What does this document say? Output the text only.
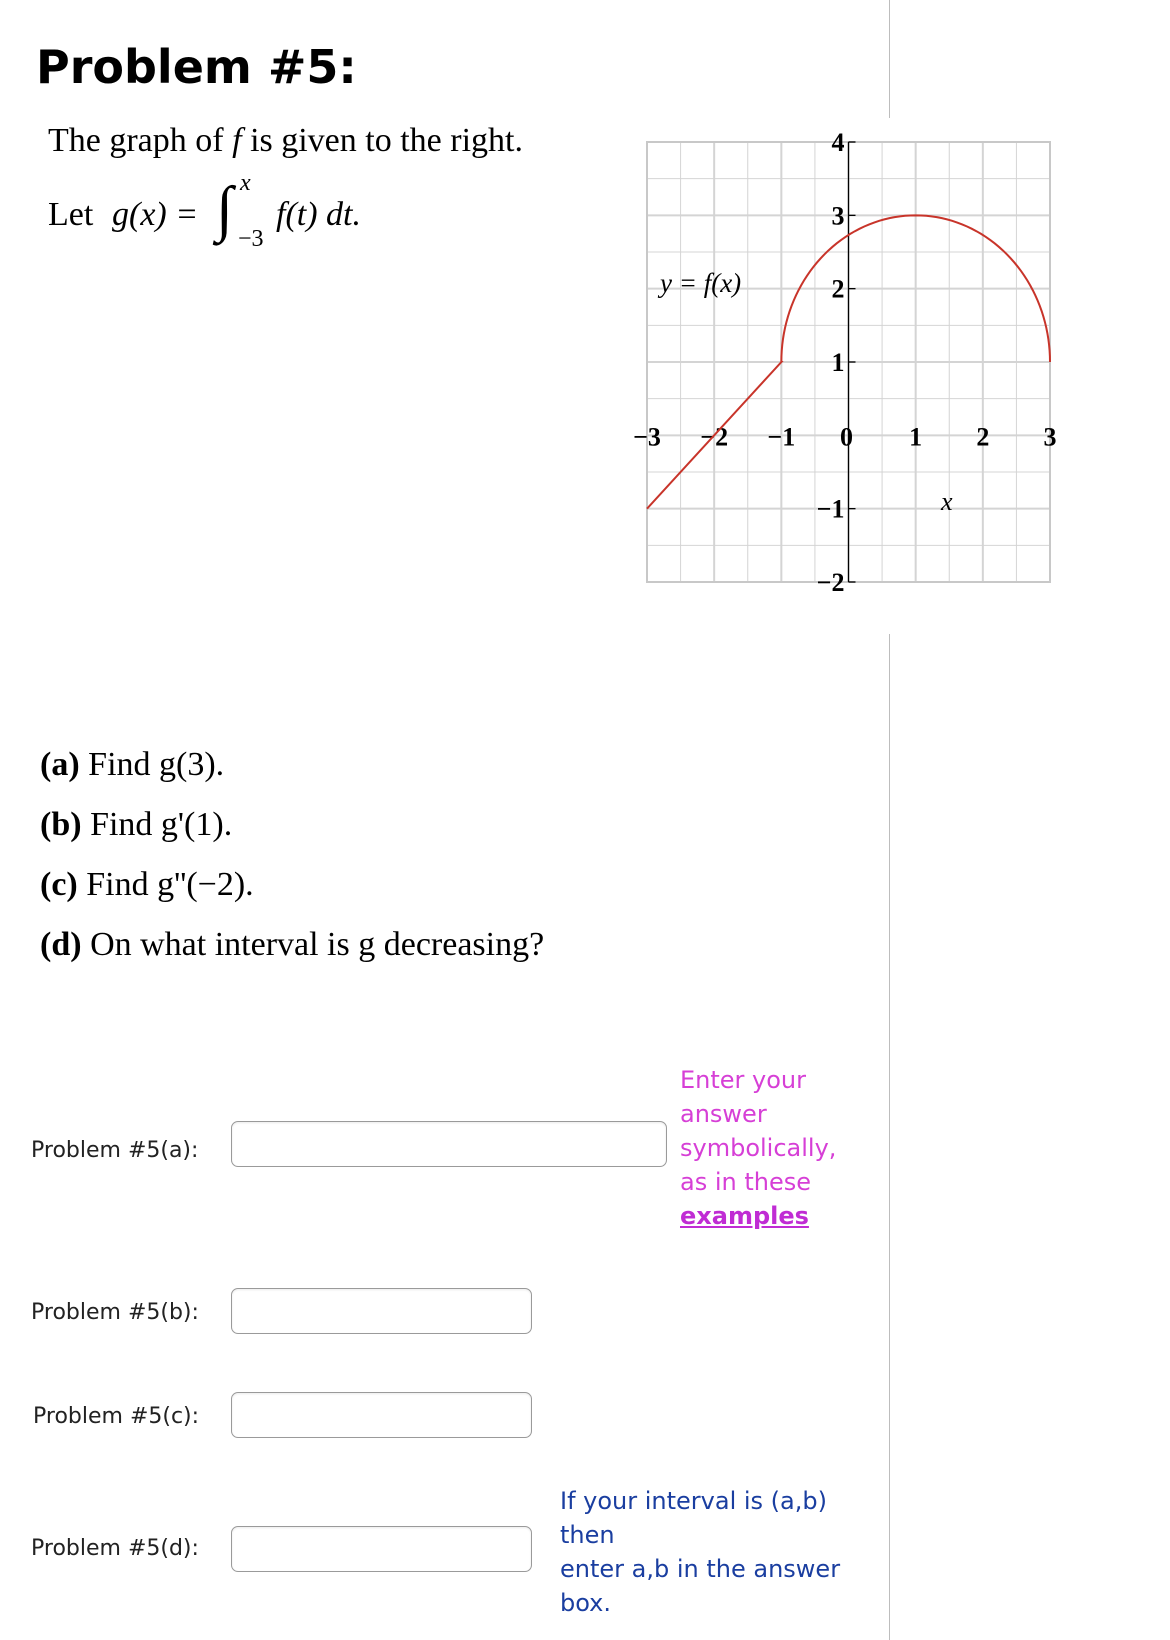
Problem #5:
The graph of f is given to the right.
Let g(x) = ∫ x
−3
f(t) dt.
−3 −2 −1 0 1 2 3
4
3
2
1
−1
−2
y = f(x)
x
(a) Find g(3).
(b) Find g'(1).
(c) Find g''(−2).
(d) On what interval is g decreasing?
Problem #5(a):
Problem #5(b):
Problem #5(c):
Problem #5(d):
Enter your
answer
symbolically,
as in these
examples
If your interval is (a,b)
then
enter a,b in the answer
box.
